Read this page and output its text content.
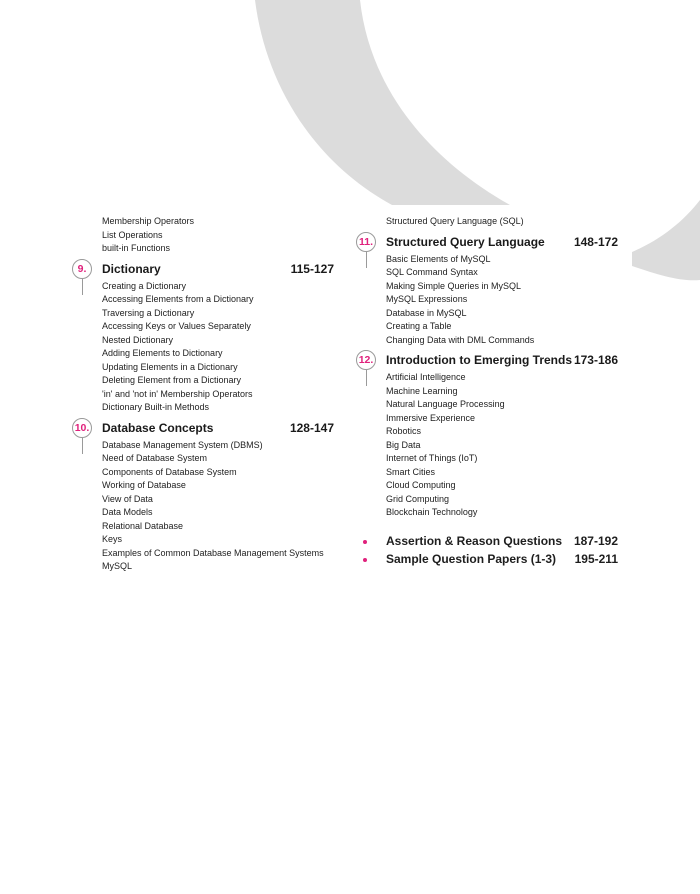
Membership Operators
List Operations
built-in Functions
9.	Dictionary	115-127
Creating a Dictionary
Accessing Elements from a Dictionary
Traversing a Dictionary
Accessing Keys or Values Separately
Nested Dictionary
Adding Elements to Dictionary
Updating Elements in a Dictionary
Deleting Element from a Dictionary
'in' and 'not in' Membership Operators
Dictionary Built-in Methods
10. Database Concepts	128-147
Database Management System (DBMS)
Need of Database System
Components of Database System
Working of Database
View of Data
Data Models
Relational Database
Keys
Examples of Common Database Management Systems
MySQL
Structured Query Language (SQL)
11. Structured Query Language 148-172
Basic Elements of MySQL
SQL Command Syntax
Making Simple Queries in MySQL
MySQL Expressions
Database in MySQL
Creating a Table
Changing Data with DML Commands
12. Introduction to Emerging Trends 173-186
Artificial Intelligence
Machine Learning
Natural Language Processing
Immersive Experience
Robotics
Big Data
Internet of Things (IoT)
Smart Cities
Cloud Computing
Grid Computing
Blockchain Technology
Assertion & Reason Questions 187-192
Sample Question Papers (1-3) 195-211
